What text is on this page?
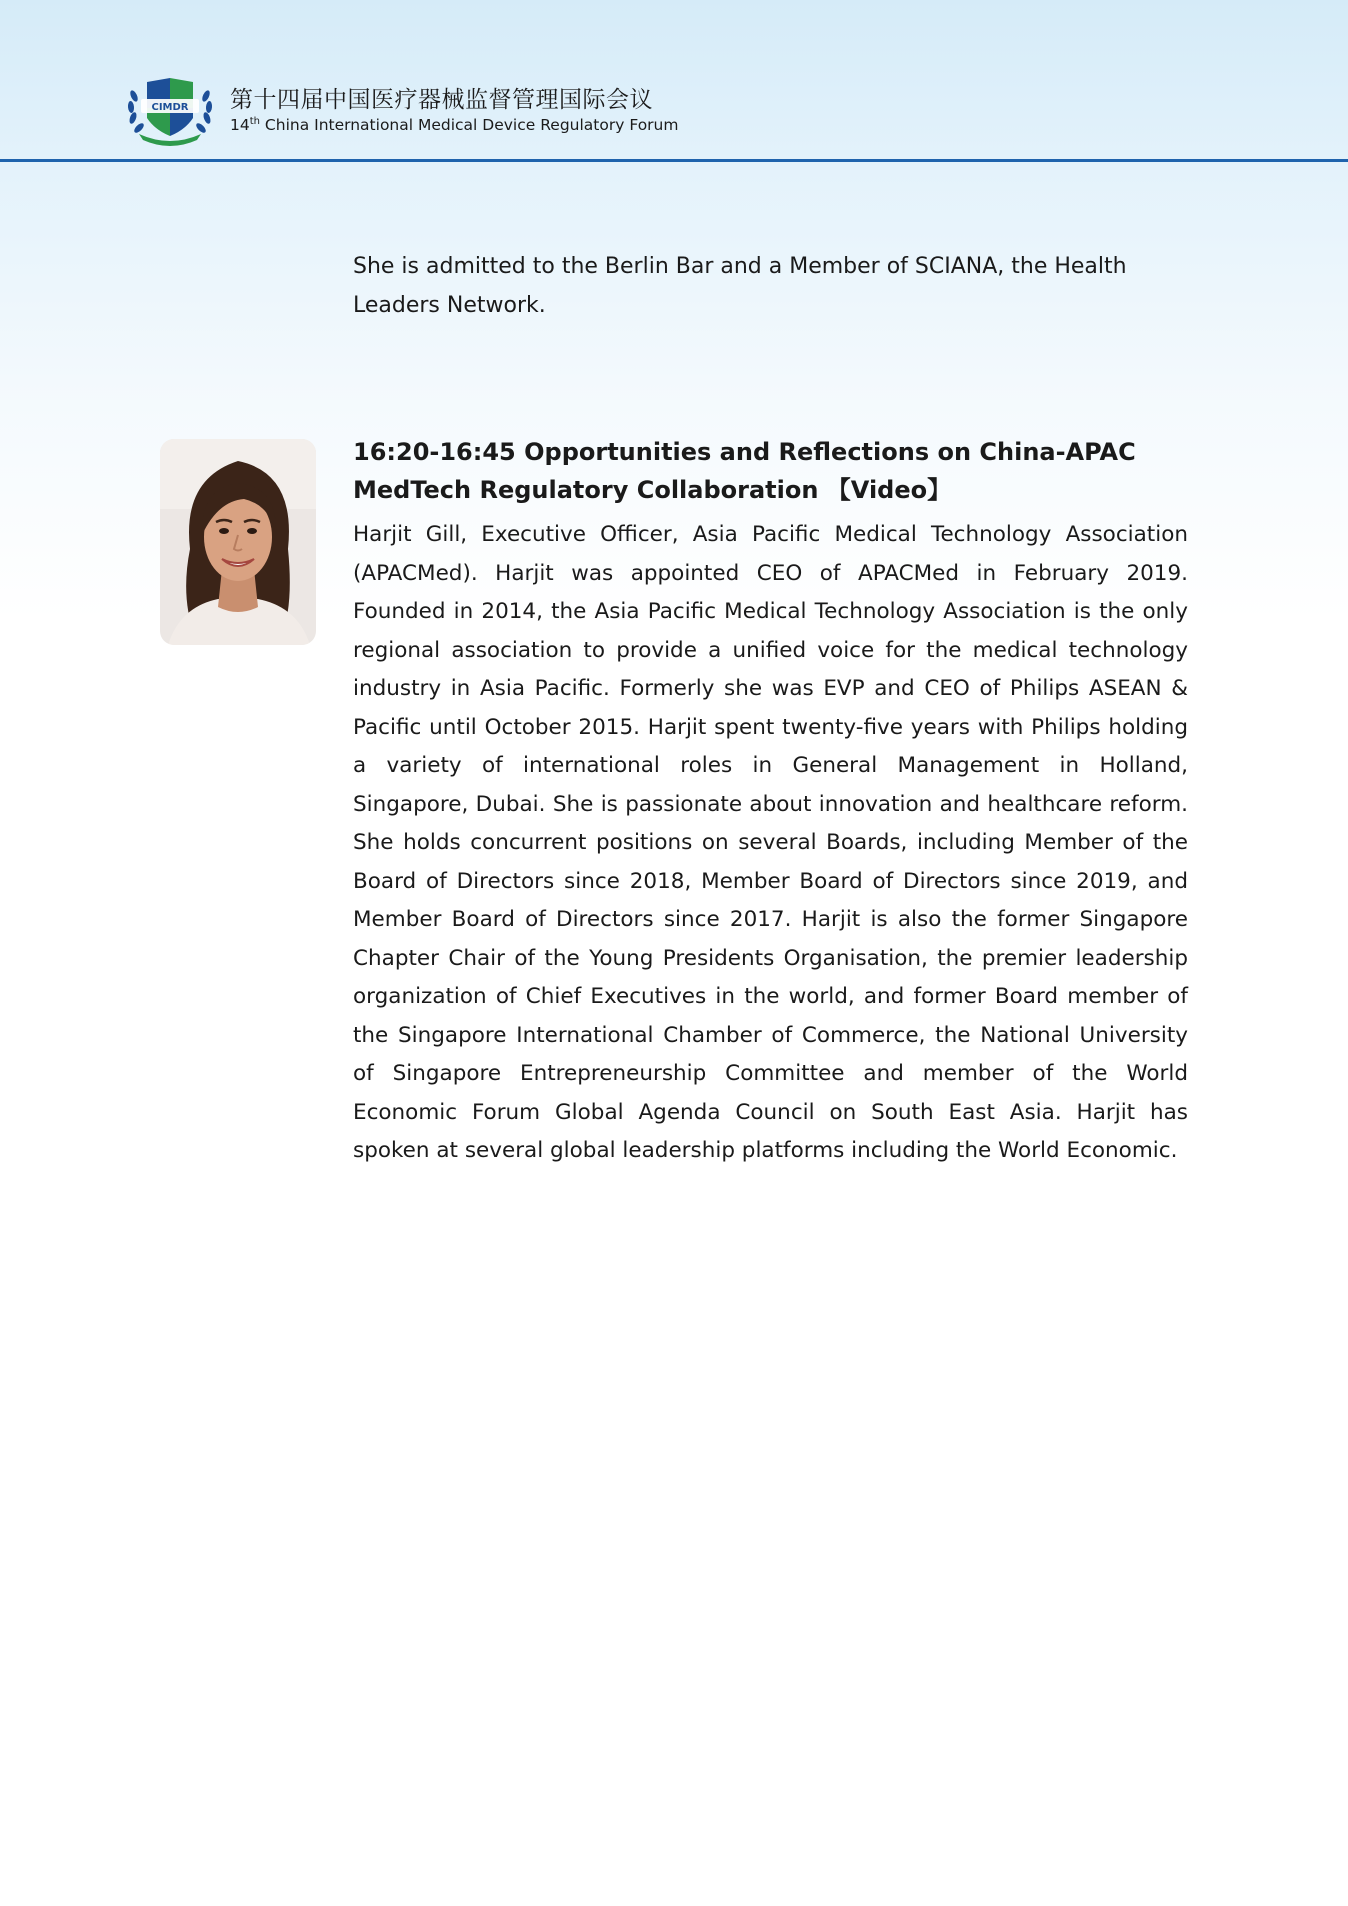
CIMDR 第十四届中国医疗器械监督管理国际会议
14th China International Medical Device Regulatory Forum

She is admitted to the Berlin Bar and a Member of SCIANA, the Health Leaders Network.

16:20-16:45 Opportunities and Reflections on China-APAC MedTech Regulatory Collaboration 【Video】

Harjit Gill, Executive Officer, Asia Pacific Medical Technology Association (APACMed). Harjit was appointed CEO of APACMed in February 2019. Founded in 2014, the Asia Pacific Medical Technology Association is the only regional association to provide a unified voice for the medical technology industry in Asia Pacific. Formerly she was EVP and CEO of Philips ASEAN & Pacific until October 2015. Harjit spent twenty-five years with Philips holding a variety of international roles in General Management in Holland, Singapore, Dubai. She is passionate about innovation and healthcare reform. She holds concurrent positions on several Boards, including Member of the Board of Directors since 2018, Member Board of Directors since 2019, and Member Board of Directors since 2017. Harjit is also the former Singapore Chapter Chair of the Young Presidents Organisation, the premier leadership organization of Chief Executives in the world, and former Board member of the Singapore International Chamber of Commerce, the National University of Singapore Entrepreneurship Committee and member of the World Economic Forum Global Agenda Council on South East Asia. Harjit has spoken at several global leadership platforms including the World Economic.
